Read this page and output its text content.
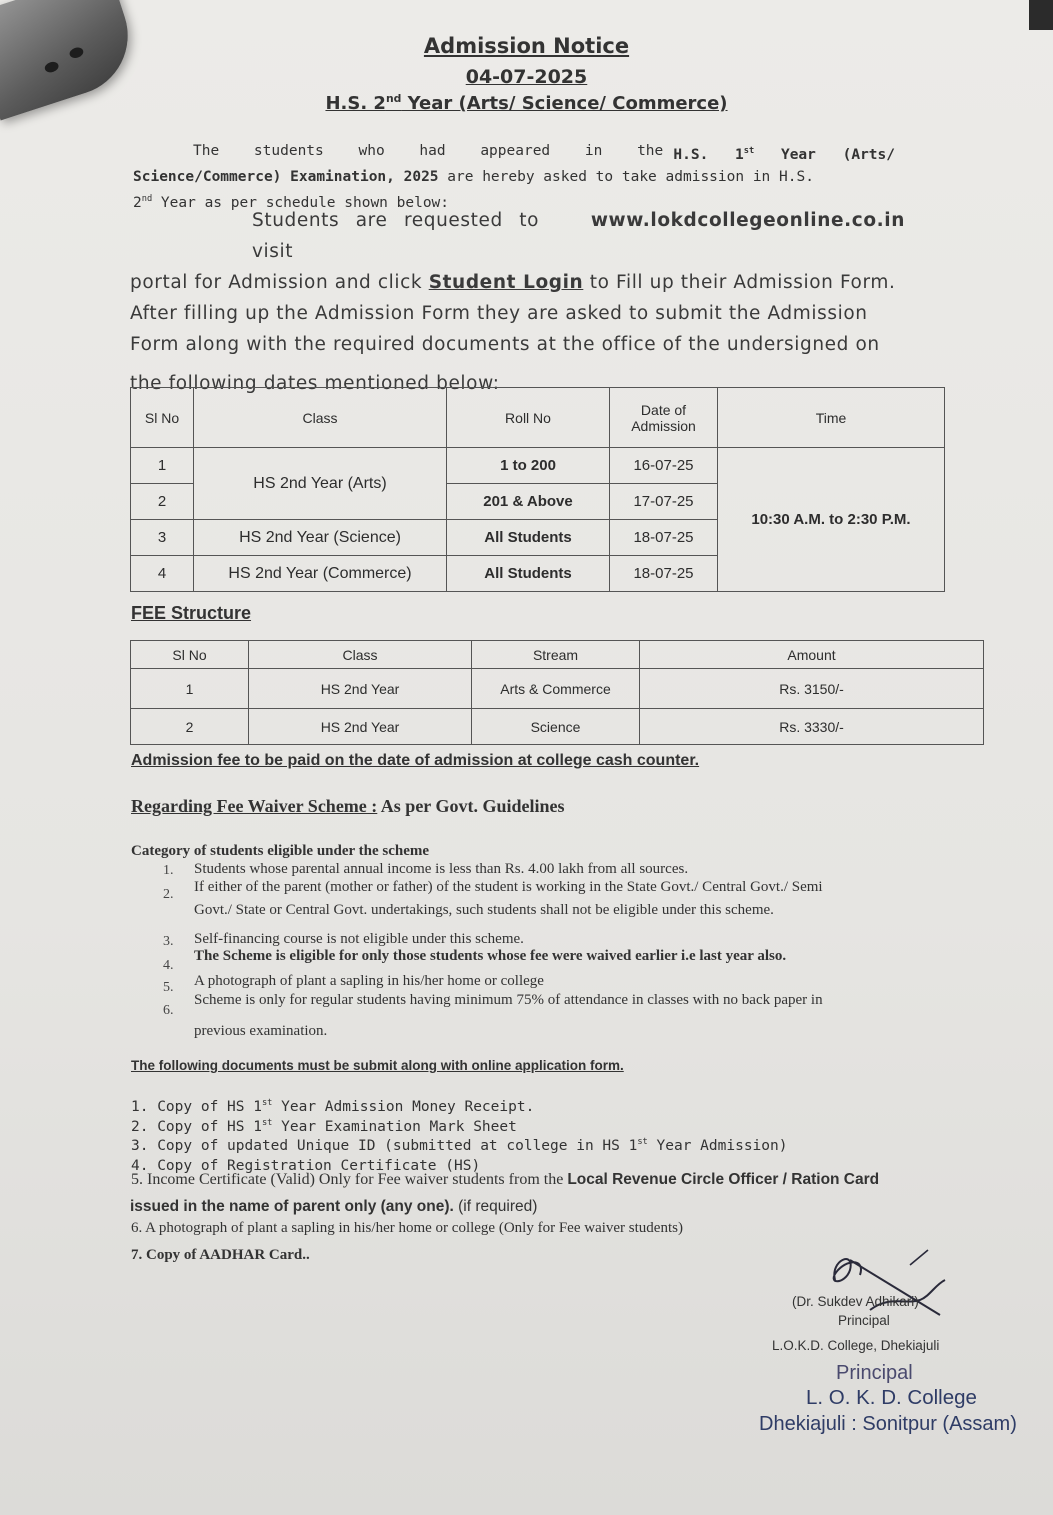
Admission Notice
04-07-2025
H.S. 2nd Year (Arts/ Science/ Commerce)
The students who had appeared in the H.S. 1st Year (Arts/
Science/Commerce) Examination, 2025 are hereby asked to take admission in H.S.
2nd Year as per schedule shown below:
Students are requested to visit
www.lokdcollegeonline.co.in
portal for Admission and click Student Login to Fill up their Admission Form.
After filling up the Admission Form they are asked to submit the Admission
Form along with the required documents at the office of the undersigned on
the following dates mentioned below:
Sl No	Class	Roll No	Date of Admission	Time
1	HS 2nd Year (Arts)	1 to 200	16-07-25	10:30 A.M. to 2:30 P.M.
2		201 & Above	17-07-25	
3	HS 2nd Year (Science)	All Students	18-07-25	
4	HS 2nd Year (Commerce)	All Students	18-07-25	
FEE Structure
Sl No	Class	Stream	Amount
1	HS 2nd Year	Arts & Commerce	Rs. 3150/-
2	HS 2nd Year	Science	Rs. 3330/-
Admission fee to be paid on the date of admission at college cash counter.
Regarding Fee Waiver Scheme : As per Govt. Guidelines
Category of students eligible under the scheme
1. Students whose parental annual income is less than Rs. 4.00 lakh from all sources.
2. If either of the parent (mother or father) of the student is working in the State Govt./ Central Govt./ Semi
Govt./ State or Central Govt. undertakings, such students shall not be eligible under this scheme.
3. Self-financing course is not eligible under this scheme.
4.
The Scheme is eligible for only those students whose fee were waived earlier i.e last year also.
5. A photograph of plant a sapling in his/her home or college
6.
Scheme is only for regular students having minimum 75% of attendance in classes with no back paper in
previous examination.
The following documents must be submit along with online application form.
1. Copy of HS 1st Year Admission Money Receipt.
2. Copy of HS 1st Year Examination Mark Sheet
3. Copy of updated Unique ID (submitted at college in HS 1st Year Admission)
4. Copy of Registration Certificate (HS)
5. Income Certificate (Valid) Only for Fee waiver students from the Local Revenue Circle Officer / Ration Card
issued in the name of parent only (any one). (if required)
6. A photograph of plant a sapling in his/her home or college (Only for Fee waiver students)
7. Copy of AADHAR Card..
(Dr. Sukdev Adhikari)
Principal
L.O.K.D. College, Dhekiajuli
Principal
L. O. K. D. College
Dhekiajuli : Sonitpur (Assam)
